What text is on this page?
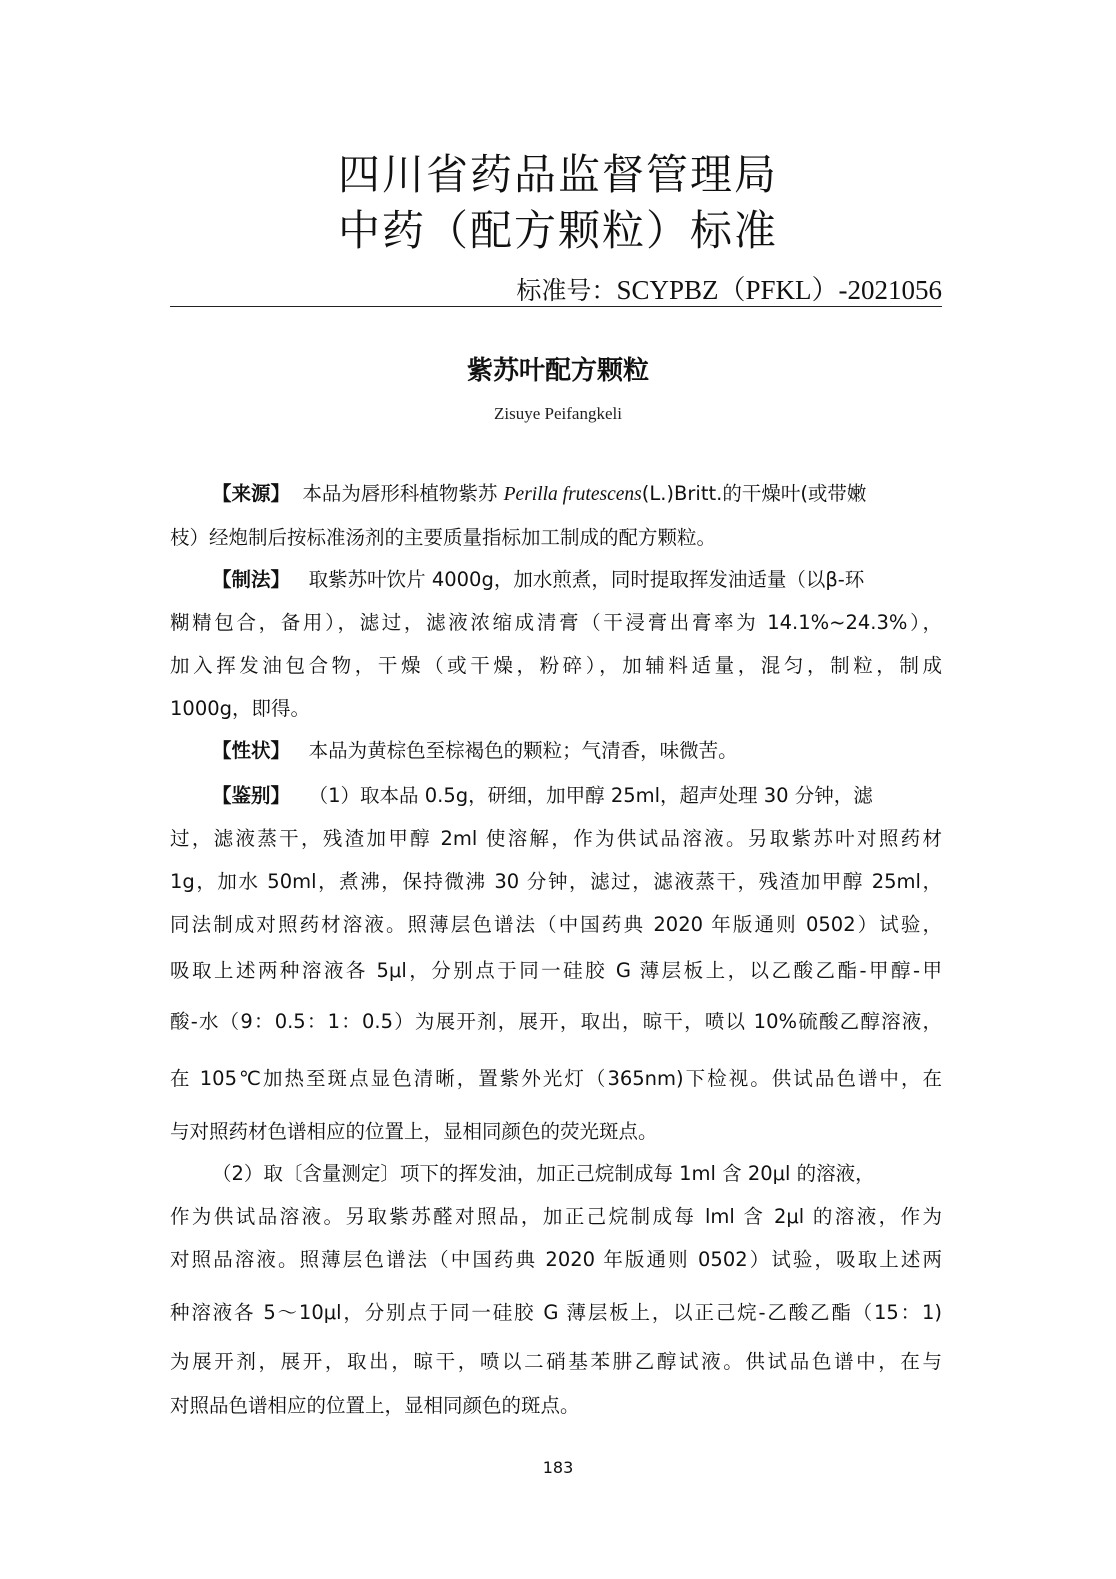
四川省药品监督管理局
中药（配方颗粒）标准
标准号：SCYPBZ（PFKL）-2021056
紫苏叶配方颗粒
Zisuye Peifangkeli
【来源】 本品为唇形科植物紫苏 Perilla frutescens(L.)Britt.的干燥叶(或带嫩
枝）经炮制后按标准汤剂的主要质量指标加工制成的配方颗粒。
【制法】 取紫苏叶饮片 4000g，加水煎煮，同时提取挥发油适量（以β-环
糊精包合，备用），滤过，滤液浓缩成清膏（干浸膏出膏率为 14.1%~24.3%），
加入挥发油包合物，干燥（或干燥，粉碎），加辅料适量，混匀，制粒，制成
1000g，即得。
【性状】 本品为黄棕色至棕褐色的颗粒；气清香，味微苦。
【鉴别】 （1）取本品 0.5g，研细，加甲醇 25ml，超声处理 30 分钟，滤
过，滤液蒸干，残渣加甲醇 2ml 使溶解，作为供试品溶液。另取紫苏叶对照药材
1g，加水 50ml，煮沸，保持微沸 30 分钟，滤过，滤液蒸干，残渣加甲醇 25ml，
同法制成对照药材溶液。照薄层色谱法（中国药典 2020 年版通则 0502）试验，
吸取上述两种溶液各 5μl，分别点于同一硅胶 G 薄层板上，以乙酸乙酯-甲醇-甲
酸-水（9：0.5：1：0.5）为展开剂，展开，取出，晾干，喷以 10%硫酸乙醇溶液，
在 105℃加热至斑点显色清晰，置紫外光灯（365nm)下检视。供试品色谱中，在
与对照药材色谱相应的位置上，显相同颜色的荧光斑点。
（2）取〔含量测定〕项下的挥发油，加正己烷制成每 1ml 含 20μl 的溶液，
作为供试品溶液。另取紫苏醛对照品，加正己烷制成每 lml 含 2μl 的溶液，作为
对照品溶液。照薄层色谱法（中国药典 2020 年版通则 0502）试验，吸取上述两
种溶液各 5～10μl，分别点于同一硅胶 G 薄层板上，以正己烷-乙酸乙酯（15：1)
为展开剂，展开，取出，晾干，喷以二硝基苯肼乙醇试液。供试品色谱中，在与
对照品色谱相应的位置上，显相同颜色的斑点。
183
